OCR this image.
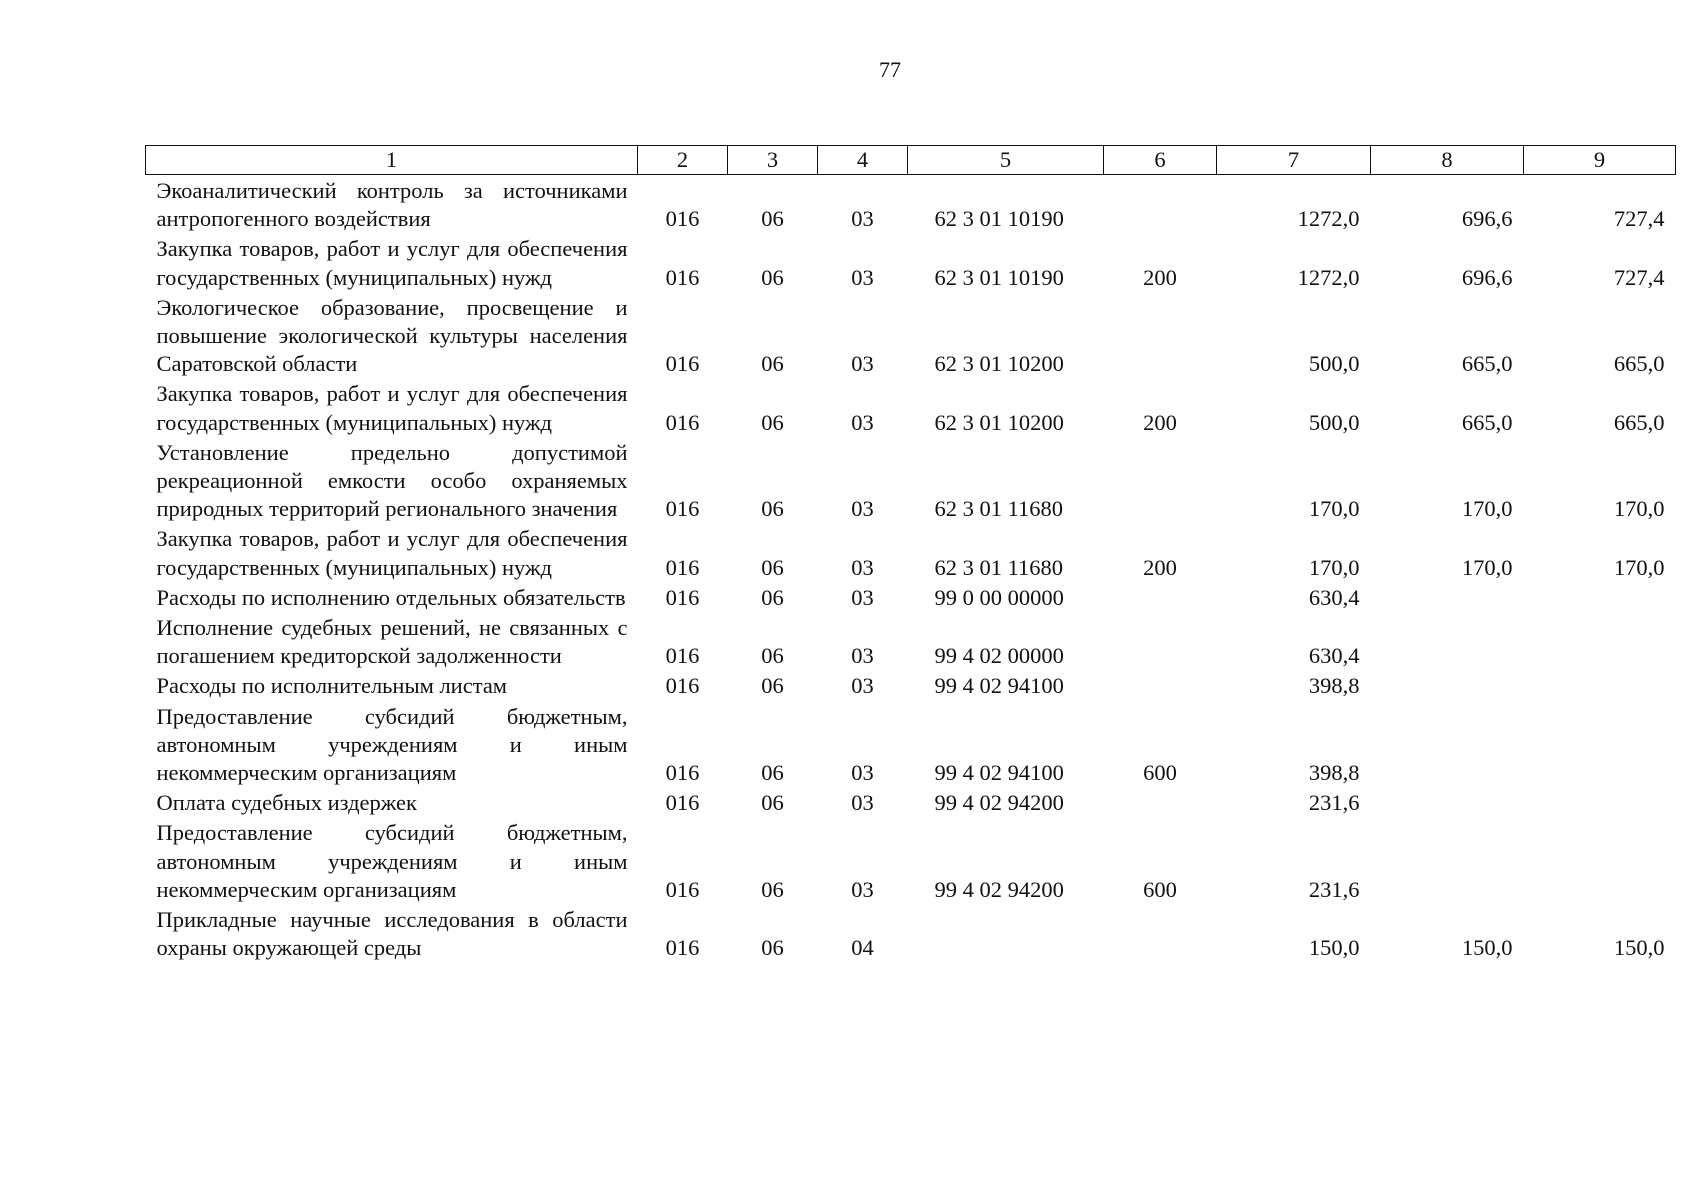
77
1	2	3	4	5	6	7	8	9
Экоаналитический контроль за источниками антропогенного воздействия	016	06	03	62 3 01 10190		1272,0	696,6	727,4
Закупка товаров, работ и услуг для обеспечения государственных (муниципальных) нужд	016	06	03	62 3 01 10190	200	1272,0	696,6	727,4
Экологическое образование, просвещение и повышение экологической культуры населения Саратовской области	016	06	03	62 3 01 10200		500,0	665,0	665,0
Закупка товаров, работ и услуг для обеспечения государственных (муниципальных) нужд	016	06	03	62 3 01 10200	200	500,0	665,0	665,0
Установление предельно допустимой рекреационной емкости особо охраняемых природных территорий регионального значения	016	06	03	62 3 01 11680		170,0	170,0	170,0
Закупка товаров, работ и услуг для обеспечения государственных (муниципальных) нужд	016	06	03	62 3 01 11680	200	170,0	170,0	170,0
Расходы по исполнению отдельных обязательств	016	06	03	99 0 00 00000		630,4		
Исполнение судебных решений, не связанных с погашением кредиторской задолженности	016	06	03	99 4 02 00000		630,4		
Расходы по исполнительным листам	016	06	03	99 4 02 94100		398,8		
Предоставление субсидий бюджетным, автономным учреждениям и иным некоммерческим организациям	016	06	03	99 4 02 94100	600	398,8		
Оплата судебных издержек	016	06	03	99 4 02 94200		231,6		
Предоставление субсидий бюджетным, автономным учреждениям и иным некоммерческим организациям	016	06	03	99 4 02 94200	600	231,6		
Прикладные научные исследования в области охраны окружающей среды	016	06	04			150,0	150,0	150,0
